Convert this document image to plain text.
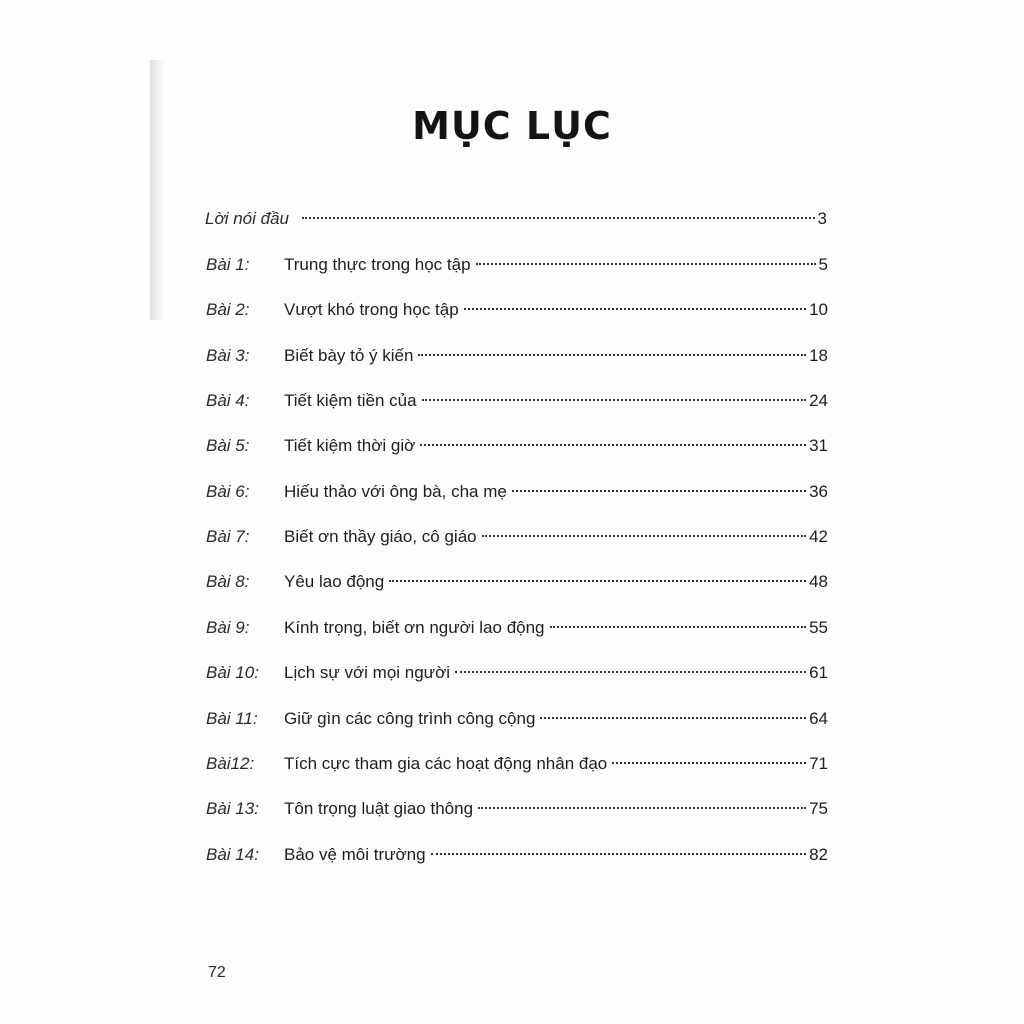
MỤC LỤC
Lời nói đầu	3
Bài 1:	Trung thực trong học tập	5
Bài 2:	Vượt khó trong học tập	10
Bài 3:	Biết bày tỏ ý kiến	18
Bài 4:	Tiết kiệm tiền của	24
Bài 5:	Tiết kiệm thời giờ	31
Bài 6:	Hiếu thảo với ông bà, cha mẹ	36
Bài 7:	Biết ơn thầy giáo, cô giáo	42
Bài 8:	Yêu lao động	48
Bài 9:	Kính trọng, biết ơn người lao động	55
Bài 10:	Lịch sự với mọi người	61
Bài 11:	Giữ gìn các công trình công cộng	64
Bài12:	Tích cực tham gia các hoạt động nhân đạo	71
Bài 13:	Tôn trọng luật giao thông	75
Bài 14:	Bảo vệ môi trường	82
72
